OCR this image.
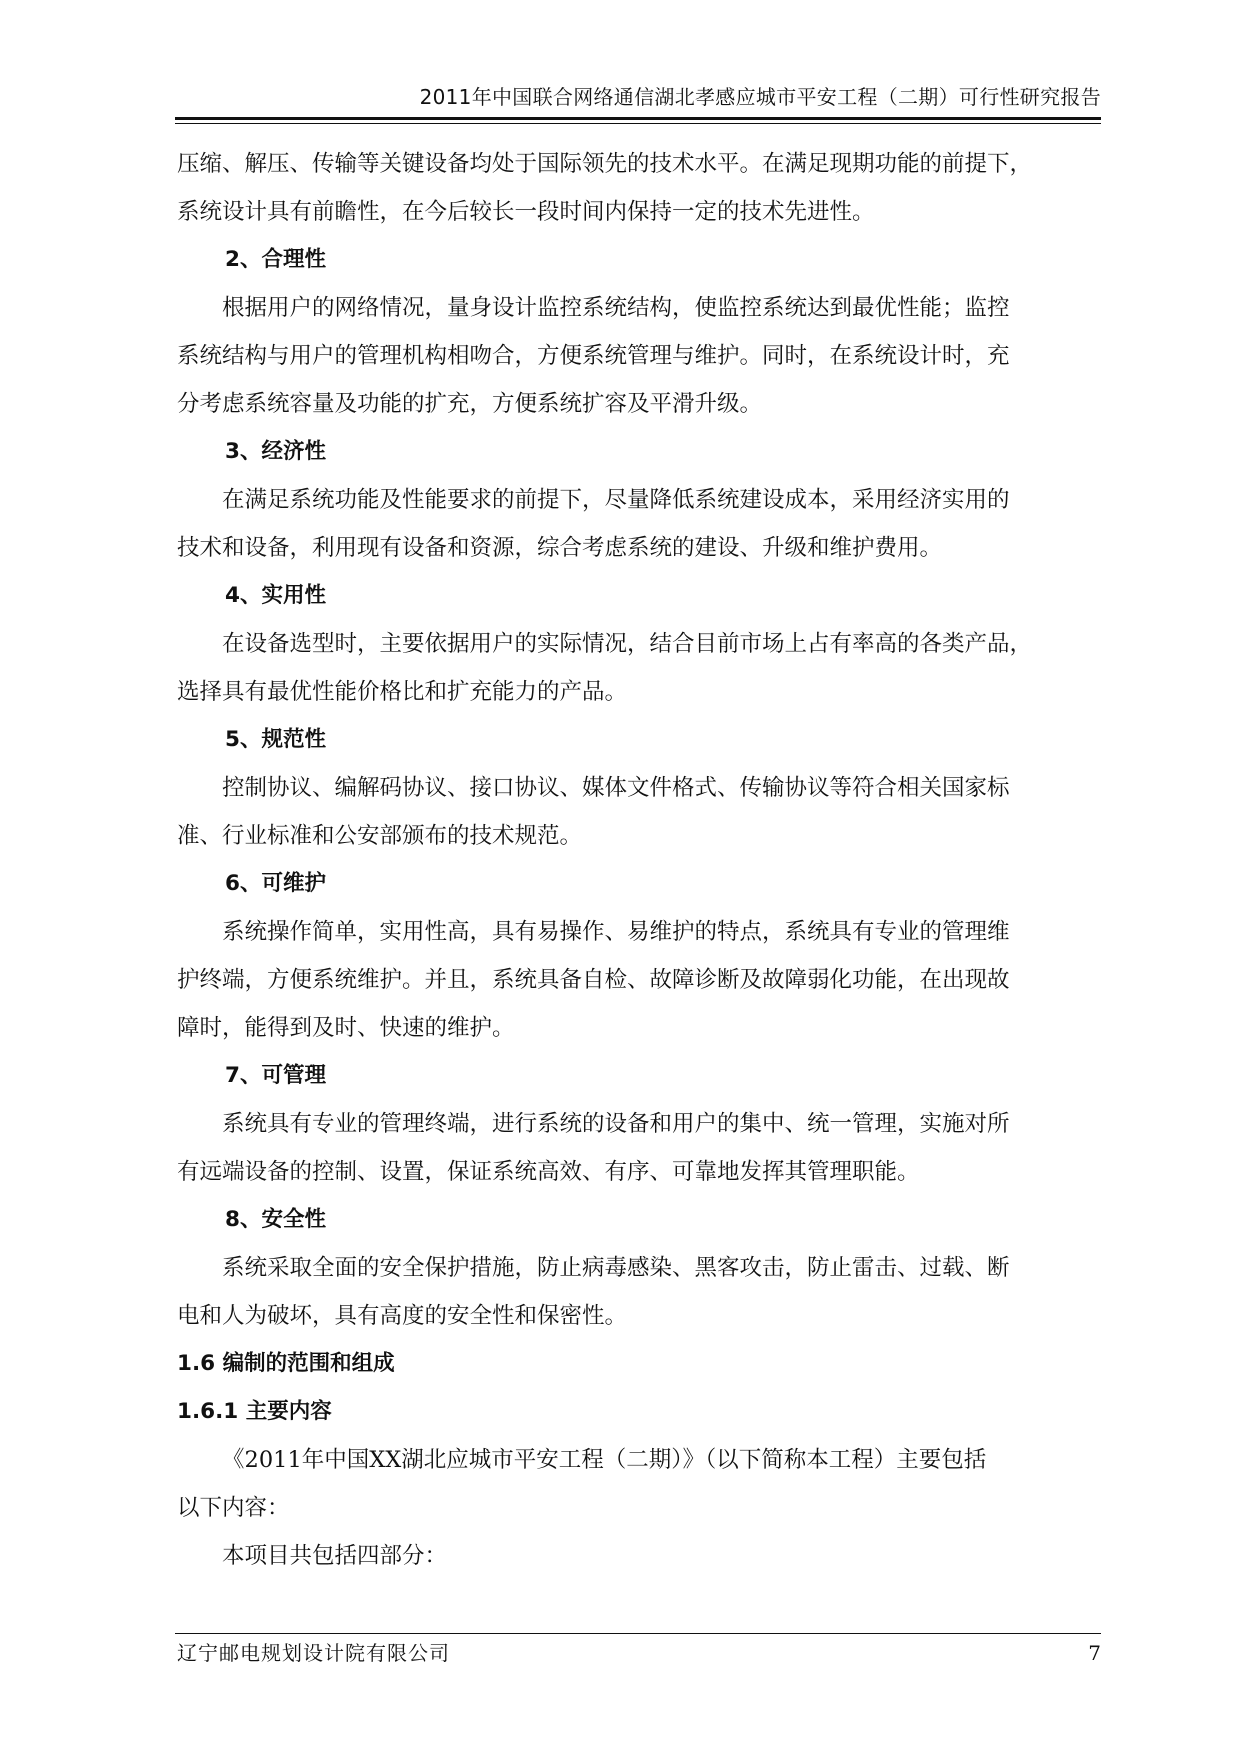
2011年中国联合网络通信湖北孝感应城市平安工程（二期）可行性研究报告
压缩、解压、传输等关键设备均处于国际领先的技术水平。在满足现期功能的前提下，
系统设计具有前瞻性，在今后较长一段时间内保持一定的技术先进性。
2、合理性
根据用户的网络情况，量身设计监控系统结构，使监控系统达到最优性能；监控
系统结构与用户的管理机构相吻合，方便系统管理与维护。同时，在系统设计时，充
分考虑系统容量及功能的扩充，方便系统扩容及平滑升级。
3、经济性
在满足系统功能及性能要求的前提下，尽量降低系统建设成本，采用经济实用的
技术和设备，利用现有设备和资源，综合考虑系统的建设、升级和维护费用。
4、实用性
在设备选型时，主要依据用户的实际情况，结合目前市场上占有率高的各类产品，
选择具有最优性能价格比和扩充能力的产品。
5、规范性
控制协议、编解码协议、接口协议、媒体文件格式、传输协议等符合相关国家标
准、行业标准和公安部颁布的技术规范。
6、可维护
系统操作简单，实用性高，具有易操作、易维护的特点，系统具有专业的管理维
护终端，方便系统维护。并且，系统具备自检、故障诊断及故障弱化功能，在出现故
障时，能得到及时、快速的维护。
7、可管理
系统具有专业的管理终端，进行系统的设备和用户的集中、统一管理，实施对所
有远端设备的控制、设置，保证系统高效、有序、可靠地发挥其管理职能。
8、安全性
系统采取全面的安全保护措施，防止病毒感染、黑客攻击，防止雷击、过载、断
电和人为破坏，具有高度的安全性和保密性。
1.6 编制的范围和组成
1.6.1 主要内容
《2011年中国XX湖北应城市平安工程（二期）》（以下简称本工程）主要包括
以下内容：
本项目共包括四部分：
辽宁邮电规划设计院有限公司	7
